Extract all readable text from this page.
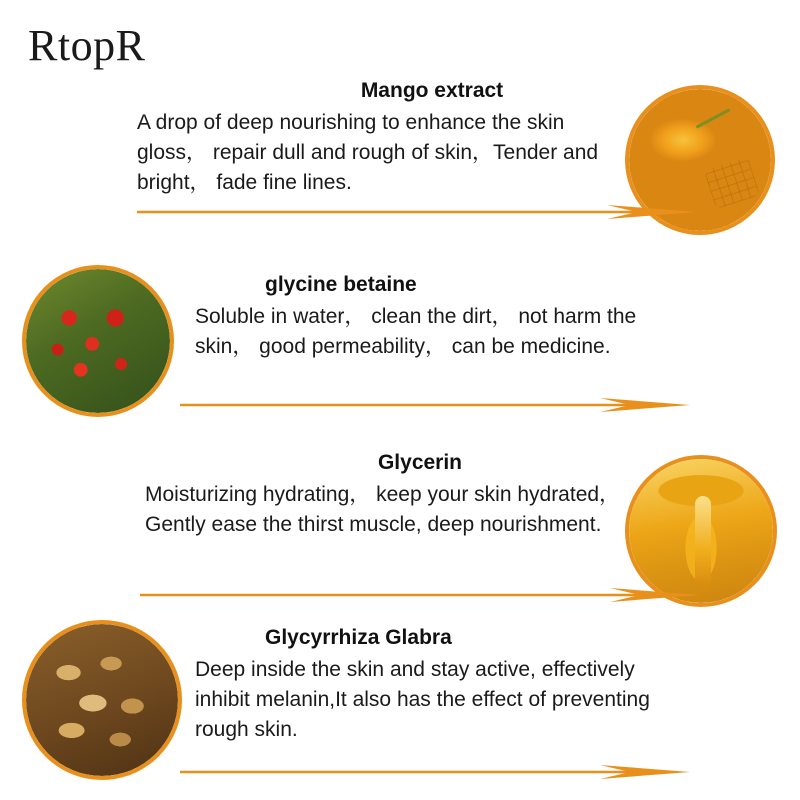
RtopR

Mango extract

A drop of deep nourishing to enhance the skin gloss， repair dull and rough of skin，Tender and bright， fade fine lines.

glycine betaine

Soluble in water， clean the dirt， not harm the skin， good permeability， can be medicine.

Glycerin

Moisturizing hydrating， keep your skin hydrated， Gently ease the thirst muscle, deep nourishment.

Glycyrrhiza Glabra

Deep inside the skin and stay active, effectively inhibit melanin,It also has the effect of preventing rough skin.
